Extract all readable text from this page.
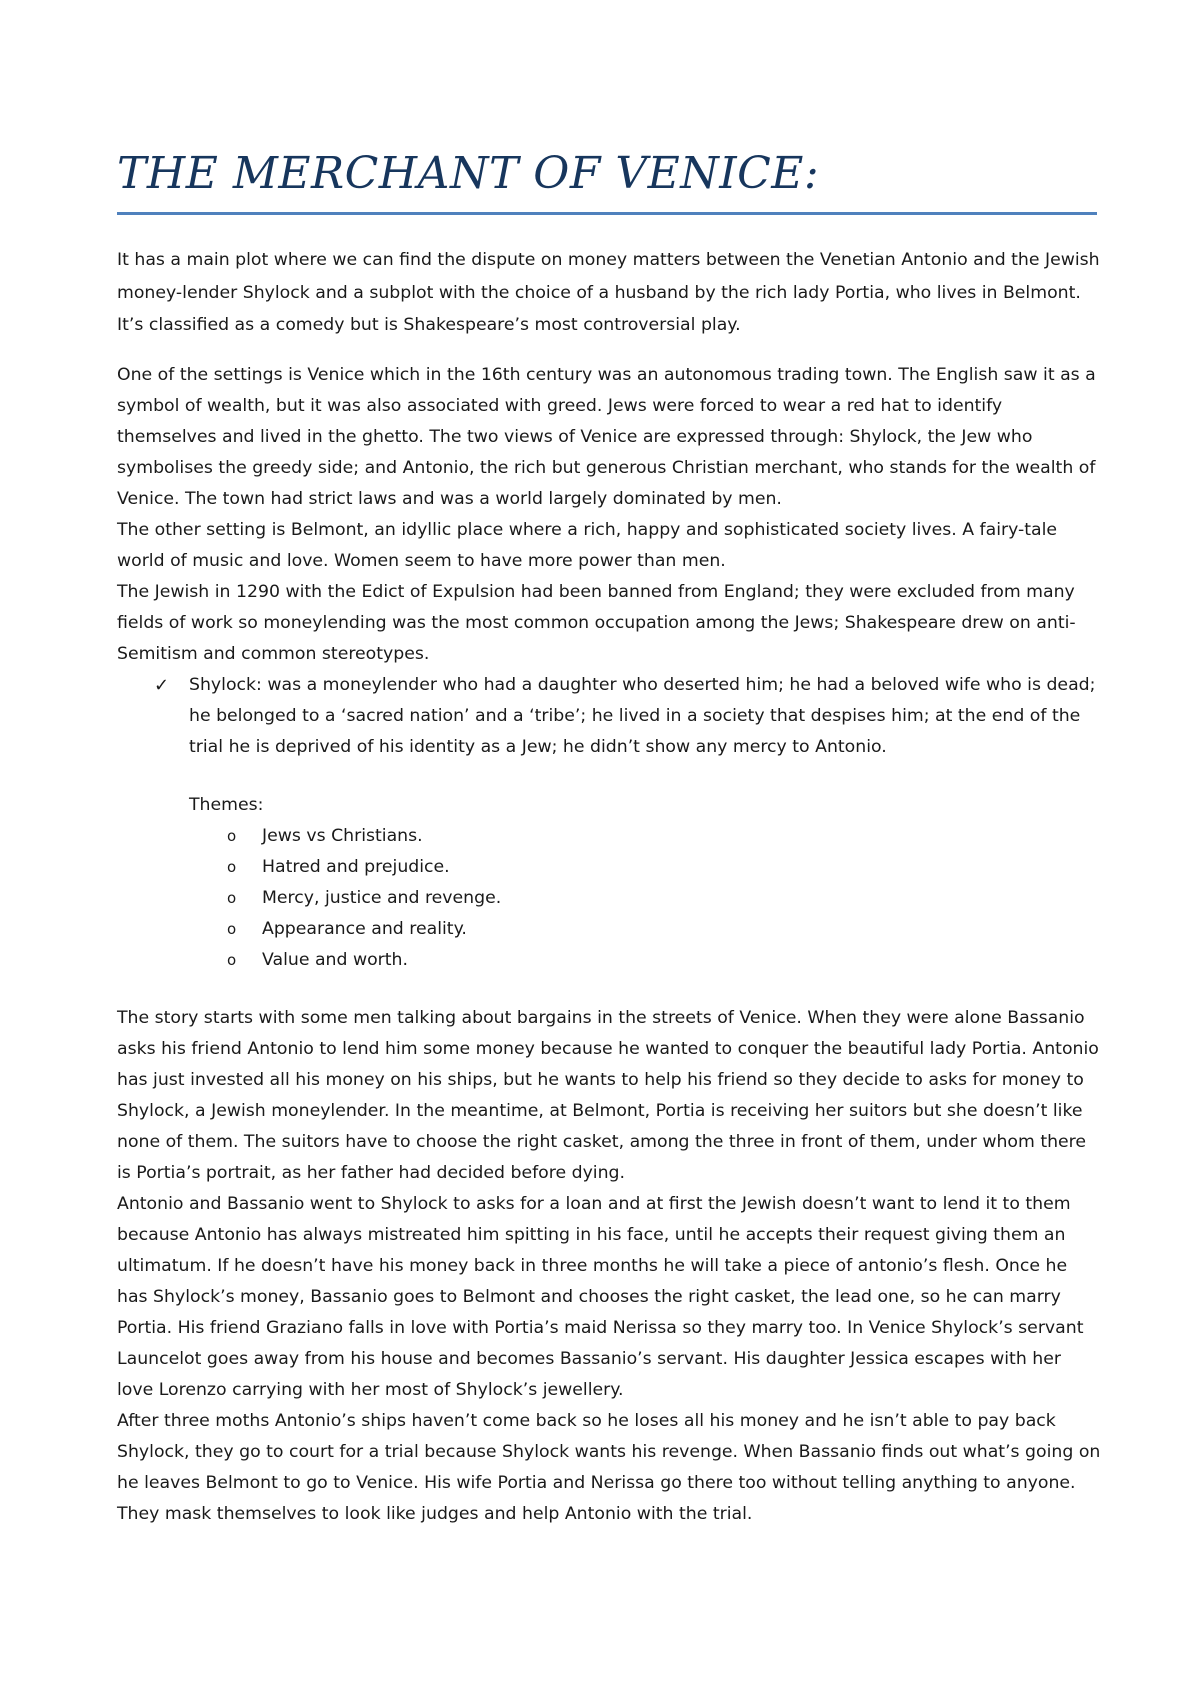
THE MERCHANT OF VENICE:

It has a main plot where we can find the dispute on money matters between the Venetian Antonio and the Jewish money-lender Shylock and a subplot with the choice of a husband by the rich lady Portia, who lives in Belmont. It’s classified as a comedy but is Shakespeare’s most controversial play.

One of the settings is Venice which in the 16th century was an autonomous trading town. The English saw it as a symbol of wealth, but it was also associated with greed. Jews were forced to wear a red hat to identify themselves and lived in the ghetto. The two views of Venice are expressed through: Shylock, the Jew who symbolises the greedy side; and Antonio, the rich but generous Christian merchant, who stands for the wealth of Venice. The town had strict laws and was a world largely dominated by men.

The other setting is Belmont, an idyllic place where a rich, happy and sophisticated society lives. A fairy-tale world of music and love. Women seem to have more power than men.

The Jewish in 1290 with the Edict of Expulsion had been banned from England; they were excluded from many fields of work so moneylending was the most common occupation among the Jews; Shakespeare drew on anti-Semitism and common stereotypes.

✓ Shylock: was a moneylender who had a daughter who deserted him; he had a beloved wife who is dead; he belonged to a ‘sacred nation’ and a ‘tribe’; he lived in a society that despises him; at the end of the trial he is deprived of his identity as a Jew; he didn’t show any mercy to Antonio.

Themes:

o Jews vs Christians.
o Hatred and prejudice.
o Mercy, justice and revenge.
o Appearance and reality.
o Value and worth.

The story starts with some men talking about bargains in the streets of Venice. When they were alone Bassanio asks his friend Antonio to lend him some money because he wanted to conquer the beautiful lady Portia. Antonio has just invested all his money on his ships, but he wants to help his friend so they decide to asks for money to Shylock, a Jewish moneylender. In the meantime, at Belmont, Portia is receiving her suitors but she doesn’t like none of them. The suitors have to choose the right casket, among the three in front of them, under whom there is Portia’s portrait, as her father had decided before dying.

Antonio and Bassanio went to Shylock to asks for a loan and at first the Jewish doesn’t want to lend it to them because Antonio has always mistreated him spitting in his face, until he accepts their request giving them an ultimatum. If he doesn’t have his money back in three months he will take a piece of antonio’s flesh. Once he has Shylock’s money, Bassanio goes to Belmont and chooses the right casket, the lead one, so he can marry Portia. His friend Graziano falls in love with Portia’s maid Nerissa so they marry too. In Venice Shylock’s servant Launcelot goes away from his house and becomes Bassanio’s servant. His daughter Jessica escapes with her love Lorenzo carrying with her most of Shylock’s jewellery.

After three moths Antonio’s ships haven’t come back so he loses all his money and he isn’t able to pay back Shylock, they go to court for a trial because Shylock wants his revenge. When Bassanio finds out what’s going on he leaves Belmont to go to Venice. His wife Portia and Nerissa go there too without telling anything to anyone. They mask themselves to look like judges and help Antonio with the trial.
